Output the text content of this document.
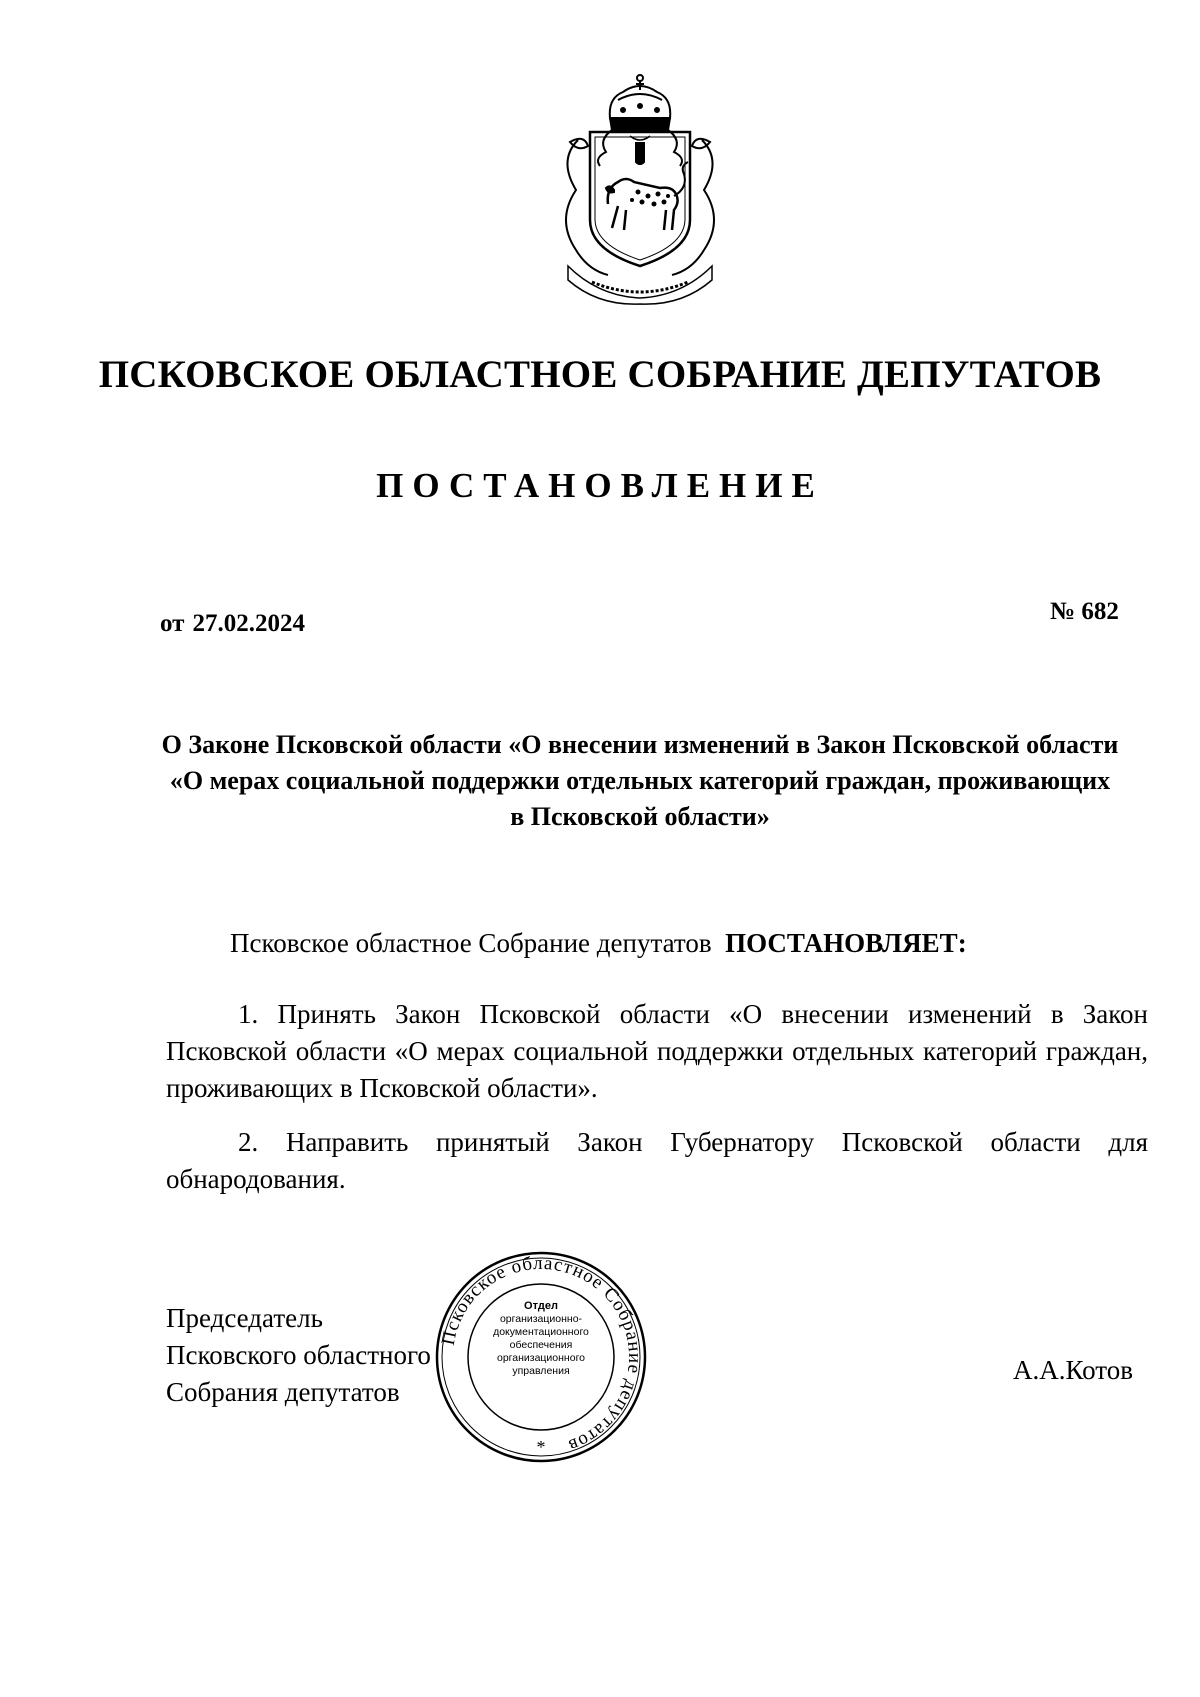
ПСКОВСКОЕ ОБЛАСТНОЕ СОБРАНИЕ ДЕПУТАТОВ
ПОСТАНОВЛЕНИЕ
от 27.02.2024	№ 682
О Законе Псковской области «О внесении изменений в Закон Псковской области «О мерах социальной поддержки отдельных категорий граждан, проживающих в Псковской области»
Псковское областное Собрание депутатов ПОСТАНОВЛЯЕТ:
1. Принять Закон Псковской области «О внесении изменений в Закон Псковской области «О мерах социальной поддержки отдельных категорий граждан, проживающих в Псковской области».
2. Направить принятый Закон Губернатору Псковской области для обнародования.
Председатель
Псковского областного
Собрания депутатов
А.А.Котов
Псковское областное Собрание депутатов
*
Отдел
организационно-
документационного
обеспечения
организационного
управления
